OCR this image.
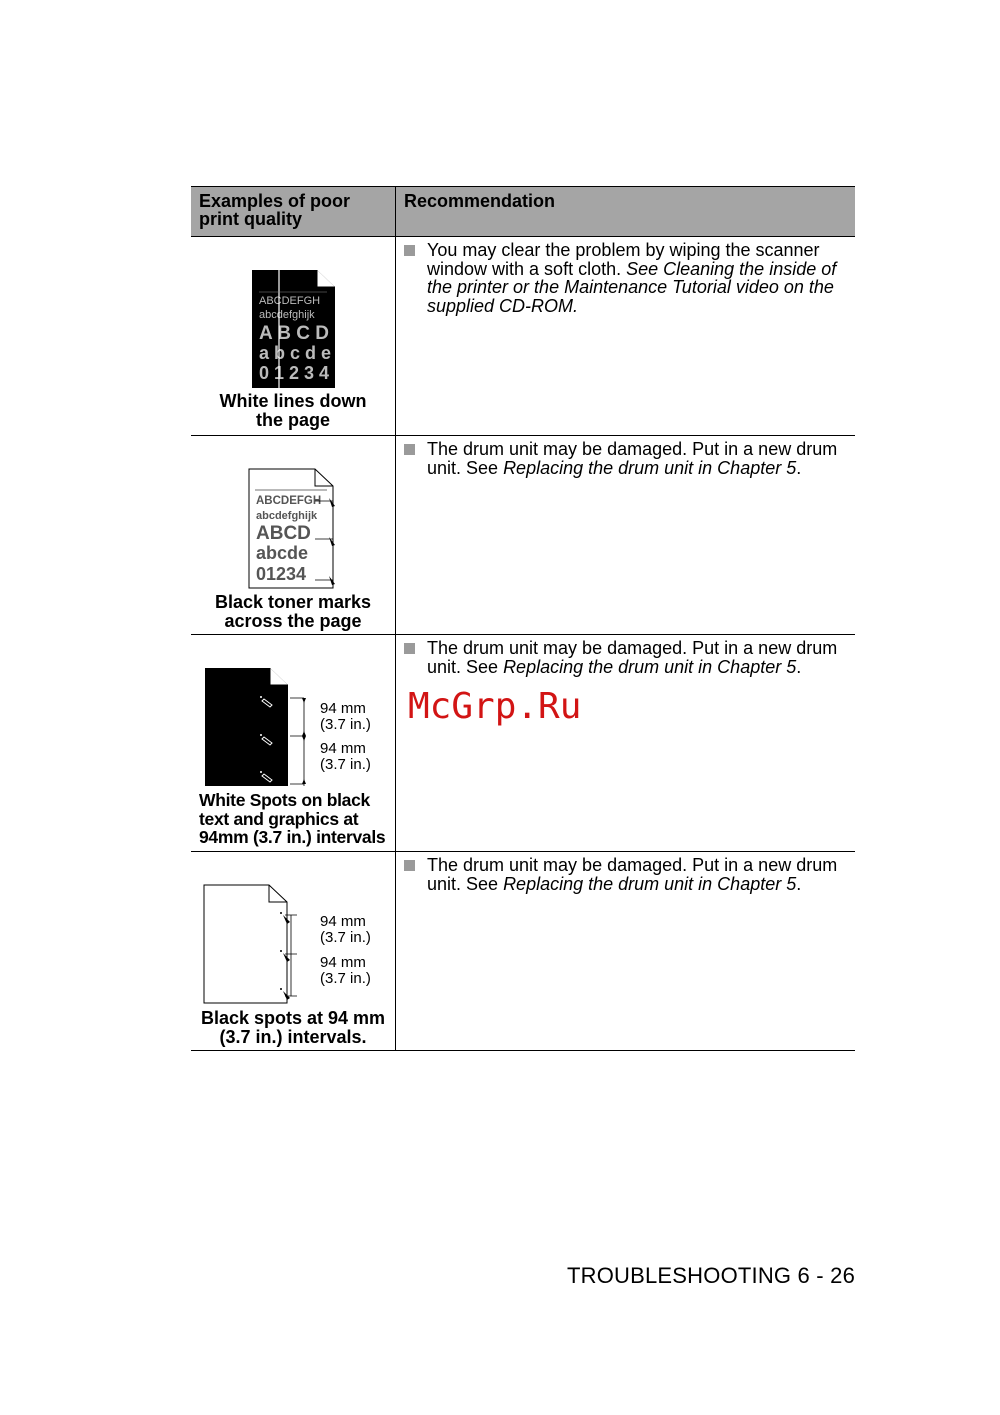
Examples of poor
print quality
Recommendation
ABCDEFGH
abcdefghijk
A B C D
a b c d e
0 1 2 3 4
White lines down
the page
You may clear the problem by wiping the scanner window with a soft cloth. See Cleaning the inside of the printer or the Maintenance Tutorial video on the supplied CD-ROM.
ABCDEFGH
abcdefghijk
ABCD
abcde
01234
Black toner marks
across the page
The drum unit may be damaged. Put in a new drum unit. See Replacing the drum unit in Chapter 5.
94 mm
(3.7 in.)
94 mm
(3.7 in.)
White Spots on black
text and graphics at
94mm (3.7 in.) intervals
The drum unit may be damaged. Put in a new drum unit. See Replacing the drum unit in Chapter 5.
94 mm
(3.7 in.)
94 mm
(3.7 in.)
Black spots at 94 mm
(3.7 in.) intervals.
The drum unit may be damaged. Put in a new drum unit. See Replacing the drum unit in Chapter 5.
McGrp.Ru
TROUBLESHOOTING 6 - 26
